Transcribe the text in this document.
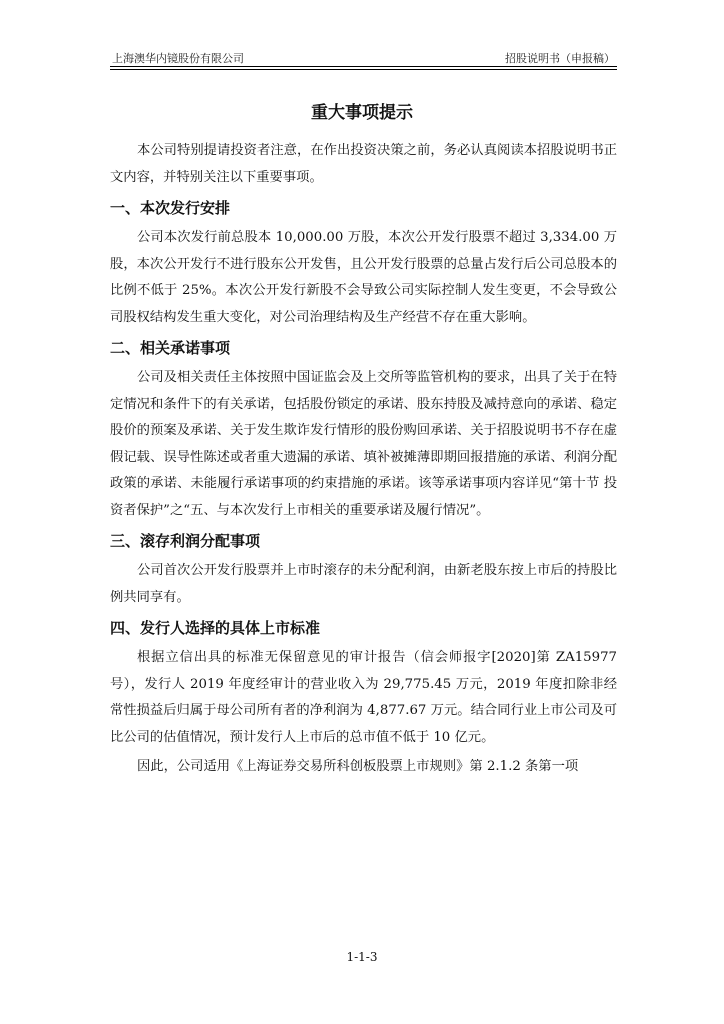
上海澳华内镜股份有限公司	招股说明书（申报稿）
重大事项提示

本公司特别提请投资者注意，在作出投资决策之前，务必认真阅读本招股说明书正文内容，并特别关注以下重要事项。

一、本次发行安排

公司本次发行前总股本 10,000.00 万股，本次公开发行股票不超过 3,334.00 万股，本次公开发行不进行股东公开发售，且公开发行股票的总量占发行后公司总股本的比例不低于 25%。本次公开发行新股不会导致公司实际控制人发生变更，不会导致公司股权结构发生重大变化，对公司治理结构及生产经营不存在重大影响。

二、相关承诺事项

公司及相关责任主体按照中国证监会及上交所等监管机构的要求，出具了关于在特定情况和条件下的有关承诺，包括股份锁定的承诺、股东持股及减持意向的承诺、稳定股价的预案及承诺、关于发生欺诈发行情形的股份购回承诺、关于招股说明书不存在虚假记载、误导性陈述或者重大遗漏的承诺、填补被摊薄即期回报措施的承诺、利润分配政策的承诺、未能履行承诺事项的约束措施的承诺。该等承诺事项内容详见“第十节 投资者保护”之“五、与本次发行上市相关的重要承诺及履行情况”。

三、滚存利润分配事项

公司首次公开发行股票并上市时滚存的未分配利润，由新老股东按上市后的持股比例共同享有。

四、发行人选择的具体上市标准

根据立信出具的标准无保留意见的审计报告（信会师报字[2020]第 ZA15977 号），发行人 2019 年度经审计的营业收入为 29,775.45 万元，2019 年度扣除非经常性损益后归属于母公司所有者的净利润为 4,877.67 万元。结合同行业上市公司及可比公司的估值情况，预计发行人上市后的总市值不低于 10 亿元。

因此，公司适用《上海证券交易所科创板股票上市规则》第 2.1.2 条第一项

1-1-3
